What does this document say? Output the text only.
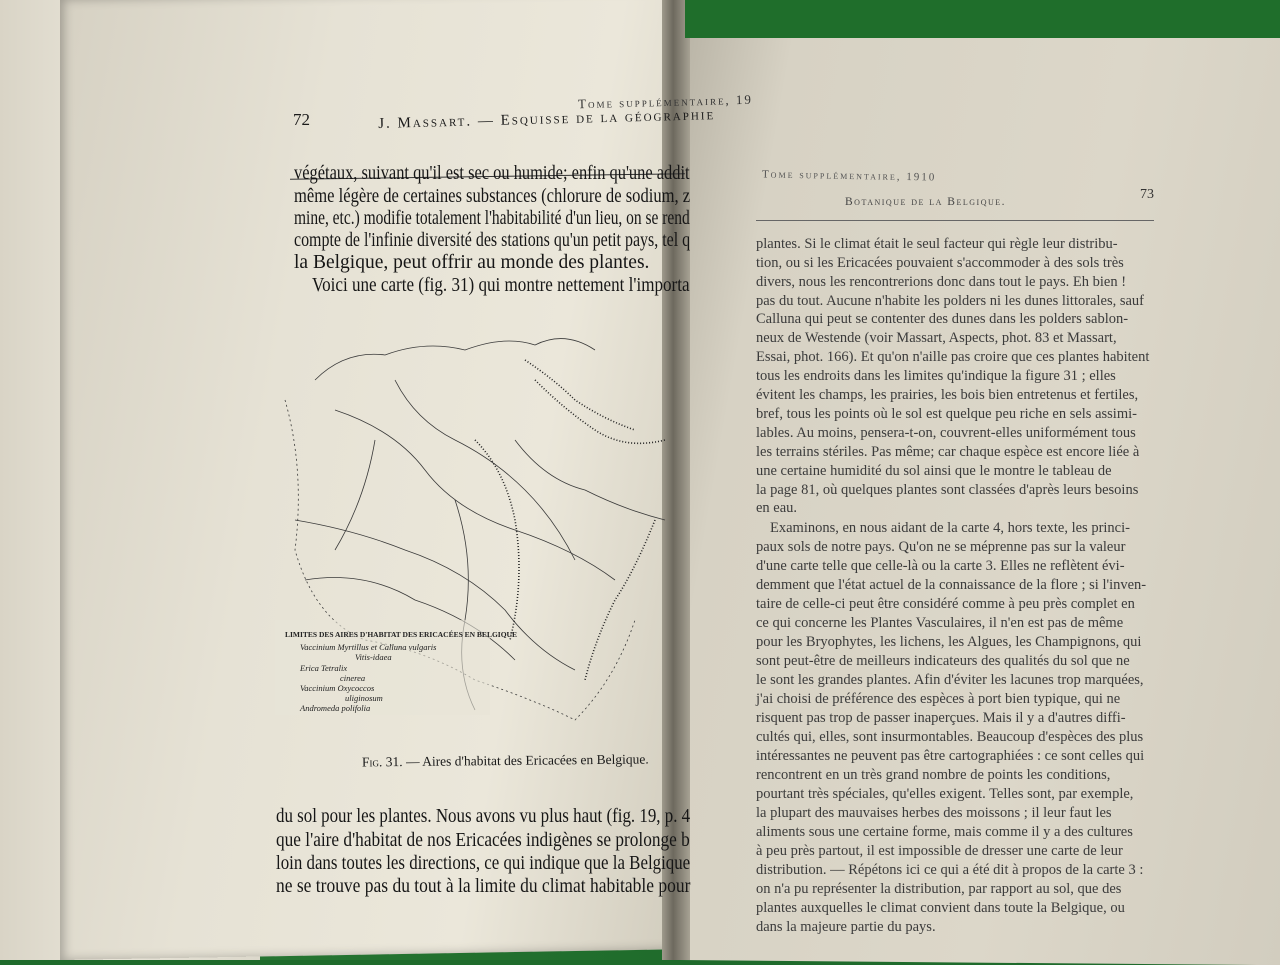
Tome supplémentaire, 19
72	J. Massart. — Esquisse de la géographie
végétaux, suivant qu'il est sec ou humide; enfin qu'une addit
même légère de certaines substances (chlorure de sodium, z
mine, etc.) modifie totalement l'habitabilité d'un lieu, on se rend
compte de l'infinie diversité des stations qu'un petit pays, tel q
la Belgique, peut offrir au monde des plantes.
Voici une carte (fig. 31) qui montre nettement l'importa
LIMITES DES AIRES D'HABITAT DES ERICACÉES EN BELGIQUE
Vaccinium Myrtillus et Calluna vulgaris
Vitis-idaea
Erica Tetralix
cinerea
Vaccinium Oxycoccos
uliginosum
Andromeda polifolia
Fig. 31. — Aires d'habitat des Ericacées en Belgique.
du sol pour les plantes. Nous avons vu plus haut (fig. 19, p. 4
que l'aire d'habitat de nos Ericacées indigènes se prolonge b
loin dans toutes les directions, ce qui indique que la Belgique
ne se trouve pas du tout à la limite du climat habitable pour
Tome supplémentaire, 1910
Botanique de la Belgique.	73
plantes. Si le climat était le seul facteur qui règle leur distribu-
tion, ou si les Ericacées pouvaient s'accommoder à des sols très
divers, nous les rencontrerions donc dans tout le pays. Eh bien !
pas du tout. Aucune n'habite les polders ni les dunes littorales, sauf
Calluna qui peut se contenter des dunes dans les polders sablon-
neux de Westende (voir Massart, Aspects, phot. 83 et Massart,
Essai, phot. 166). Et qu'on n'aille pas croire que ces plantes habitent
tous les endroits dans les limites qu'indique la figure 31 ; elles
évitent les champs, les prairies, les bois bien entretenus et fertiles,
bref, tous les points où le sol est quelque peu riche en sels assimi-
lables. Au moins, pensera-t-on, couvrent-elles uniformément tous
les terrains stériles. Pas même; car chaque espèce est encore liée à
une certaine humidité du sol ainsi que le montre le tableau de
la page 81, où quelques plantes sont classées d'après leurs besoins
en eau.
Examinons, en nous aidant de la carte 4, hors texte, les princi-
paux sols de notre pays. Qu'on ne se méprenne pas sur la valeur
d'une carte telle que celle-là ou la carte 3. Elles ne reflètent évi-
demment que l'état actuel de la connaissance de la flore ; si l'inven-
taire de celle-ci peut être considéré comme à peu près complet en
ce qui concerne les Plantes Vasculaires, il n'en est pas de même
pour les Bryophytes, les lichens, les Algues, les Champignons, qui
sont peut-être de meilleurs indicateurs des qualités du sol que ne
le sont les grandes plantes. Afin d'éviter les lacunes trop marquées,
j'ai choisi de préférence des espèces à port bien typique, qui ne
risquent pas trop de passer inaperçues. Mais il y a d'autres diffi-
cultés qui, elles, sont insurmontables. Beaucoup d'espèces des plus
intéressantes ne peuvent pas être cartographiées : ce sont celles qui
rencontrent en un très grand nombre de points les conditions,
pourtant très spéciales, qu'elles exigent. Telles sont, par exemple,
la plupart des mauvaises herbes des moissons ; il leur faut les
aliments sous une certaine forme, mais comme il y a des cultures
à peu près partout, il est impossible de dresser une carte de leur
distribution. — Répétons ici ce qui a été dit à propos de la carte 3 :
on n'a pu représenter la distribution, par rapport au sol, que des
plantes auxquelles le climat convient dans toute la Belgique, ou
dans la majeure partie du pays.
